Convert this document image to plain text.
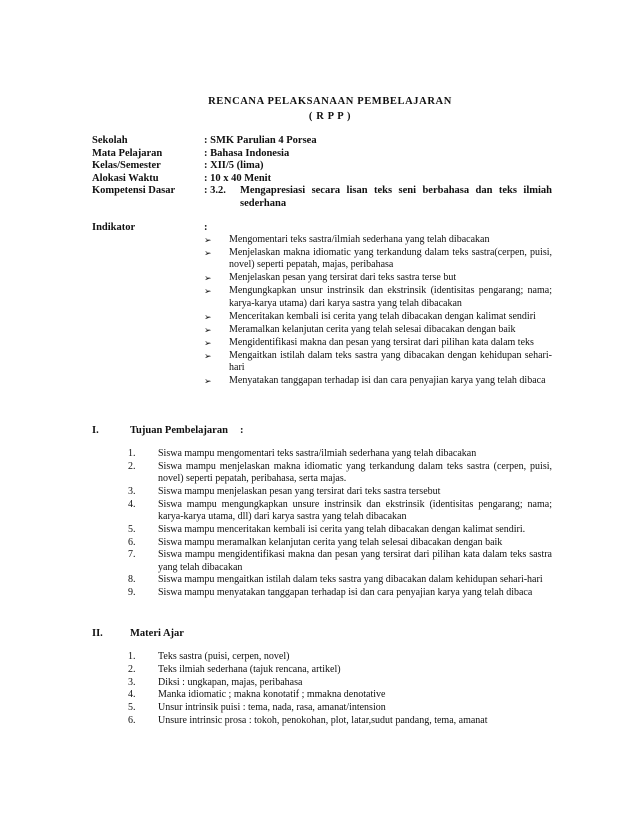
RENCANA PELAKSANAAN PEMBELAJARAN
( R P P )
Sekolah	: SMK Parulian 4 Porsea
Mata Pelajaran	: Bahasa Indonesia
Kelas/Semester	: XII/5 (lima)
Alokasi Waktu	: 10 x 40 Menit
Kompetensi Dasar	: 3.2.	Mengapresiasi secara lisan teks seni berbahasa dan teks ilmiah sederhana
Indikator	:
➢	Mengomentari teks sastra/ilmiah sederhana yang telah dibacakan
➢	Menjelaskan makna idiomatic yang terkandung dalam teks sastra(cerpen, puisi, novel) seperti pepatah, majas, peribahasa
➢	Menjelaskan pesan yang tersirat dari teks sastra terse but
➢	Mengungkapkan unsur instrinsik dan ekstrinsik (identisitas pengarang; nama; karya-karya utama) dari karya sastra yang telah dibacakan
➢	Menceritakan kembali isi cerita yang telah dibacakan dengan kalimat sendiri
➢	Meramalkan kelanjutan cerita yang telah selesai dibacakan dengan baik
➢	Mengidentifikasi makna dan pesan yang tersirat dari pilihan kata dalam teks
➢	Mengaitkan istilah dalam teks sastra yang dibacakan dengan kehidupan sehari-hari
➢	Menyatakan tanggapan terhadap isi dan cara penyajian karya yang telah dibaca
I.	Tujuan Pembelajaran	:
1.	Siswa mampu mengomentari teks sastra/ilmiah sederhana yang telah dibacakan
2.	Siswa mampu menjelaskan makna idiomatic yang terkandung dalam teks sastra (cerpen, puisi, novel) seperti pepatah, peribahasa, serta majas.
3.	Siswa mampu menjelaskan pesan yang tersirat dari teks sastra tersebut
4.	Siswa mampu mengungkapkan unsure instrinsik dan ekstrinsik (identisitas pengarang; nama; karya-karya utama, dll) dari karya sastra yang telah dibacakan
5.	Siswa mampu menceritakan kembali isi cerita yang telah dibacakan dengan kalimat sendiri.
6.	Siswa mampu meramalkan kelanjutan cerita yang telah selesai dibacakan dengan baik
7.	Siswa mampu mengidentifikasi makna dan pesan yang tersirat dari pilihan kata dalam teks sastra yang telah dibacakan
8.	Siswa mampu mengaitkan istilah dalam teks sastra yang dibacakan dalam kehidupan sehari-hari
9.	Siswa mampu menyatakan tanggapan terhadap isi dan cara penyajian karya yang telah dibaca
II.	Materi Ajar
1.	Teks sastra (puisi, cerpen, novel)
2.	Teks ilmiah sederhana (tajuk rencana, artikel)
3.	Diksi : ungkapan, majas, peribahasa
4.	Manka idiomatic ; makna konotatif ; mmakna denotative
5.	Unsur intrinsik puisi : tema, nada, rasa, amanat/intension
6.	Unsure intrinsic prosa : tokoh, penokohan, plot, latar,sudut pandang, tema, amanat
